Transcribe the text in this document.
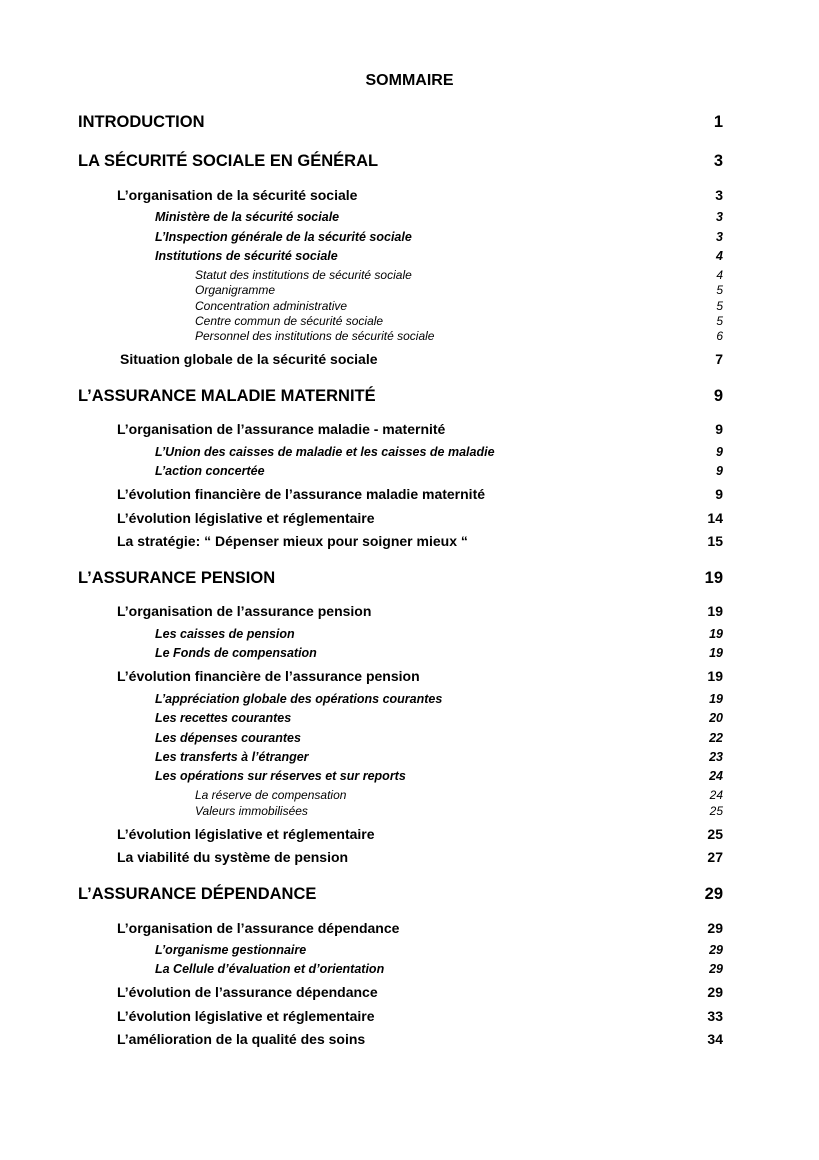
SOMMAIRE
INTRODUCTION	1
LA SÉCURITÉ SOCIALE EN GÉNÉRAL	3
L’organisation de la sécurité sociale	3
Ministère de la sécurité sociale	3
L’Inspection générale de la sécurité sociale	3
Institutions de sécurité sociale	4
Statut des institutions de sécurité sociale	4
Organigramme	5
Concentration administrative	5
Centre commun de sécurité sociale	5
Personnel des institutions de sécurité sociale	6
Situation globale de la sécurité sociale	7
L’ASSURANCE MALADIE MATERNITÉ	9
L’organisation de l’assurance maladie - maternité	9
L’Union des caisses de maladie et les caisses de maladie	9
L’action concertée	9
L’évolution financière de l’assurance maladie maternité	9
L’évolution législative et réglementaire	14
La stratégie: “ Dépenser mieux pour soigner mieux “	15
L’ASSURANCE PENSION	19
L’organisation de l’assurance pension	19
Les caisses de pension	19
Le Fonds de compensation	19
L’évolution financière de l’assurance pension	19
L’appréciation globale des opérations courantes	19
Les recettes courantes	20
Les dépenses courantes	22
Les transferts à l’étranger	23
Les opérations sur réserves et sur reports	24
La réserve de compensation	24
Valeurs immobilisées	25
L’évolution législative et réglementaire	25
La viabilité du système de pension	27
L’ASSURANCE DÉPENDANCE	29
L’organisation de l’assurance dépendance	29
L’organisme gestionnaire	29
La Cellule d’évaluation et d’orientation	29
L’évolution de l’assurance dépendance	29
L’évolution législative et réglementaire	33
L’amélioration de la qualité des soins	34
